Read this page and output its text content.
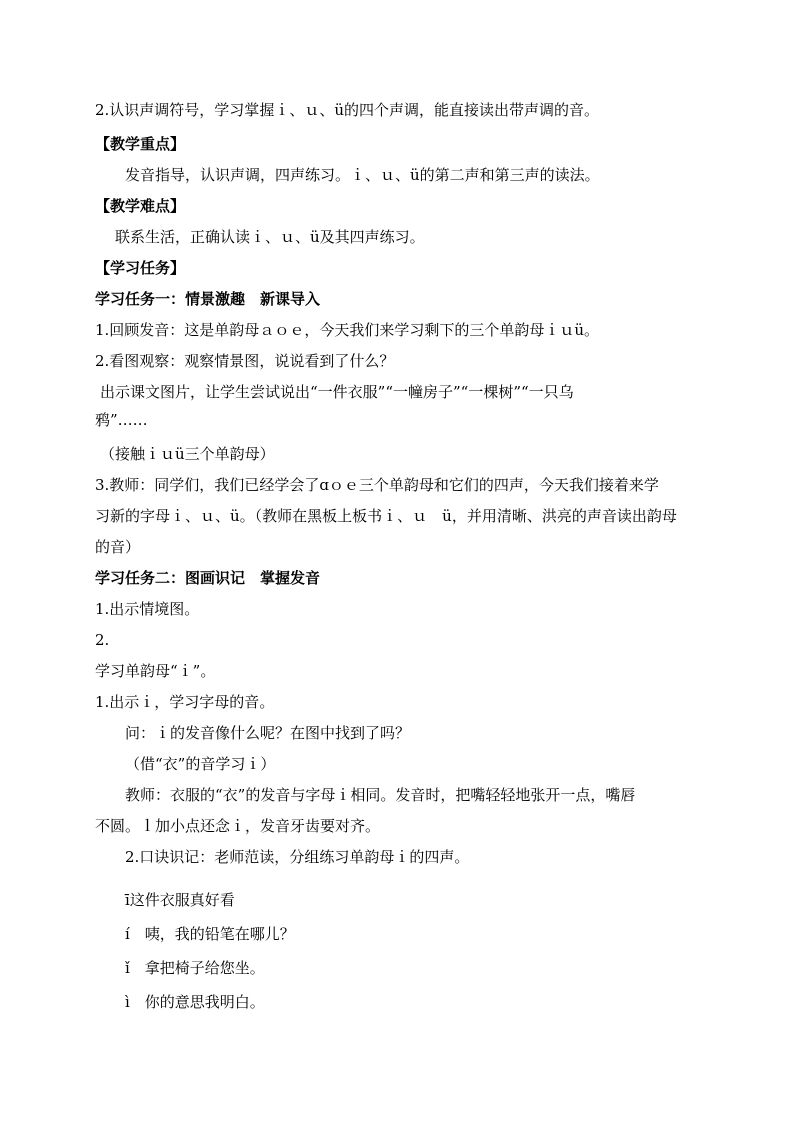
2.认识声调符号，学习掌握ｉ、ｕ、ü的四个声调，能直接读出带声调的音。
【教学重点】
发音指导，认识声调，四声练习。ｉ、ｕ、ü的第二声和第三声的读法。
【教学难点】
联系生活，正确认读ｉ、ｕ、ü及其四声练习。
【学习任务】
学习任务一：情景激趣　新课导入
1.回顾发音：这是单韵母ａｏｅ，今天我们来学习剩下的三个单韵母ｉｕü。
2.看图观察：观察情景图，说说看到了什么？
出示课文图片，让学生尝试说出“一件衣服”“一幢房子”“一棵树”“一只乌
鸦”……
（接触ｉｕü三个单韵母）
3.教师：同学们，我们已经学会了ɑｏｅ三个单韵母和它们的四声，今天我们接着来学
习新的字母ｉ、ｕ、ü。（教师在黑板上板书ｉ、ｕ　ü，并用清晰、洪亮的声音读出韵母
的音）
学习任务二：图画识记　掌握发音
1.出示情境图。
2.
学习单韵母“ｉ”。
1.出示ｉ，学习字母的音。
问：ｉ的发音像什么呢？在图中找到了吗？
（借“衣”的音学习ｉ）
教师：衣服的“衣”的发音与字母ｉ相同。发音时，把嘴轻轻地张开一点，嘴唇
不圆。ｌ加小点还念ｉ，发音牙齿要对齐。
2.口诀识记：老师范读，分组练习单韵母ｉ的四声。
ī这件衣服真好看
í　咦，我的铅笔在哪儿？
ǐ　拿把椅子给您坐。
ì　你的意思我明白。
